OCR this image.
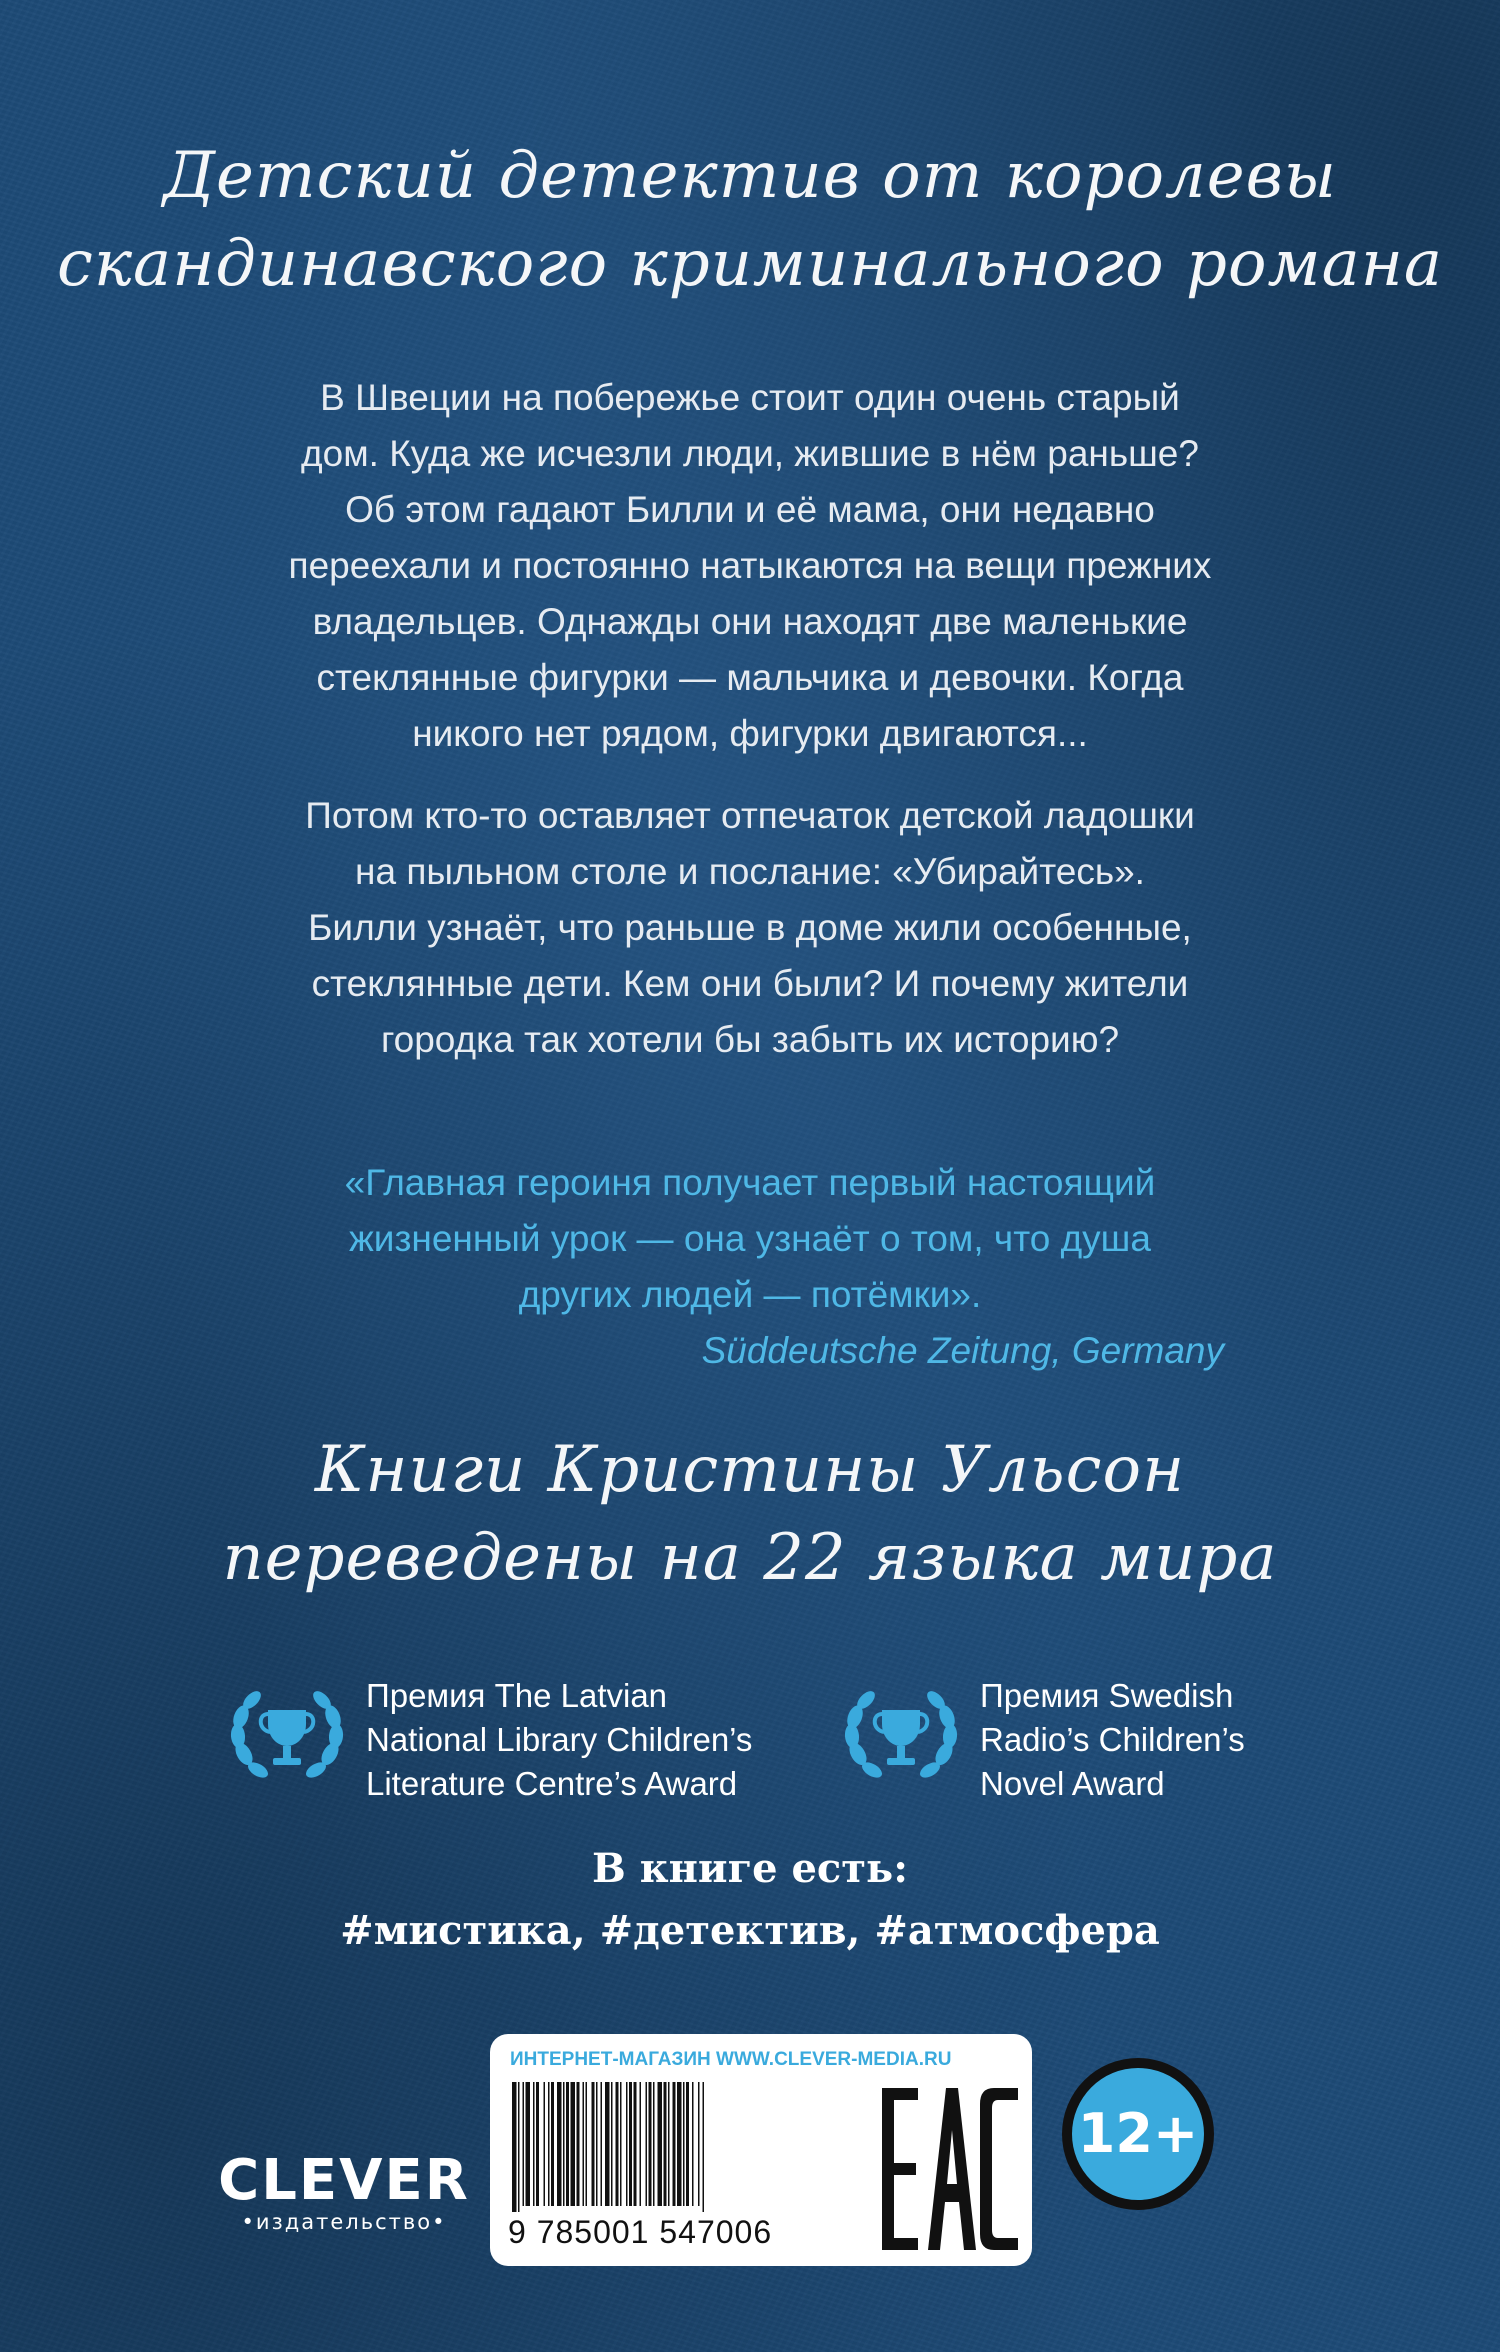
Детский детектив от королевы
скандинавского криминального романа
В Швеции на побережье стоит один очень старый
дом. Куда же исчезли люди, жившие в нём раньше?
Об этом гадают Билли и её мама, они недавно
переехали и постоянно натыкаются на вещи прежних
владельцев. Однажды они находят две маленькие
стеклянные фигурки — мальчика и девочки. Когда
никого нет рядом, фигурки двигаются...
Потом кто-то оставляет отпечаток детской ладошки
на пыльном столе и послание: «Убирайтесь».
Билли узнаёт, что раньше в доме жили особенные,
стеклянные дети. Кем они были? И почему жители
городка так хотели бы забыть их историю?
«Главная героиня получает первый настоящий
жизненный урок — она узнаёт о том, что душа
других людей — потёмки».
Süddeutsche Zeitung, Germany
Книги Кристины Ульсон
переведены на 22 языка мира
Премия The Latvian
National Library Children’s
Literature Centre’s Award
Премия Swedish
Radio’s Children’s
Novel Award
В книге есть:
#мистика, #детектив, #атмосфера
CLEVER
•издательство•
ИНТЕРНЕТ-МАГАЗИН WWW.CLEVER-MEDIA.RU
9 785001 547006
12+
